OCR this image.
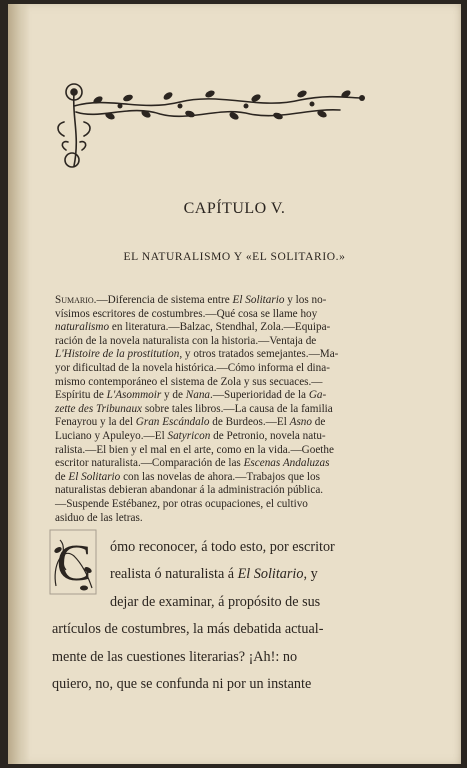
CAPÍTULO V.
EL NATURALISMO Y «EL SOLITARIO.»
Sumario.—Diferencia de sistema entre El Solitario y los no-
vísimos escritores de costumbres.—Qué cosa se llame hoy
naturalismo en literatura.—Balzac, Stendhal, Zola.—Equipa-
ración de la novela naturalista con la historia.—Ventaja de
L'Histoire de la prostitution, y otros tratados semejantes.—Ma-
yor dificultad de la novela histórica.—Cómo informa el dina-
mismo contemporáneo el sistema de Zola y sus secuaces.—
Espíritu de L'Asommoir y de Nana.—Superioridad de la Ga-
zette des Tribunaux sobre tales libros.—La causa de la familia
Fenayrou y la del Gran Escándalo de Burdeos.—El Asno de
Luciano y Apuleyo.—El Satyricon de Petronio, novela natu-
ralista.—El bien y el mal en el arte, como en la vida.—Goethe
escritor naturalista.—Comparación de las Escenas Andaluzas
de El Solitario con las novelas de ahora.—Trabajos que los
naturalistas debieran abandonar á la administración pública.
—Suspende Estébanez, por otras ocupaciones, el cultivo
asiduo de las letras.
C	ómo reconocer, á todo esto, por escritor
realista ó naturalista á El Solitario, y
dejar de examinar, á propósito de sus
artículos de costumbres, la más debatida actual-
mente de las cuestiones literarias? ¡Ah!: no
quiero, no, que se confunda ni por un instante
